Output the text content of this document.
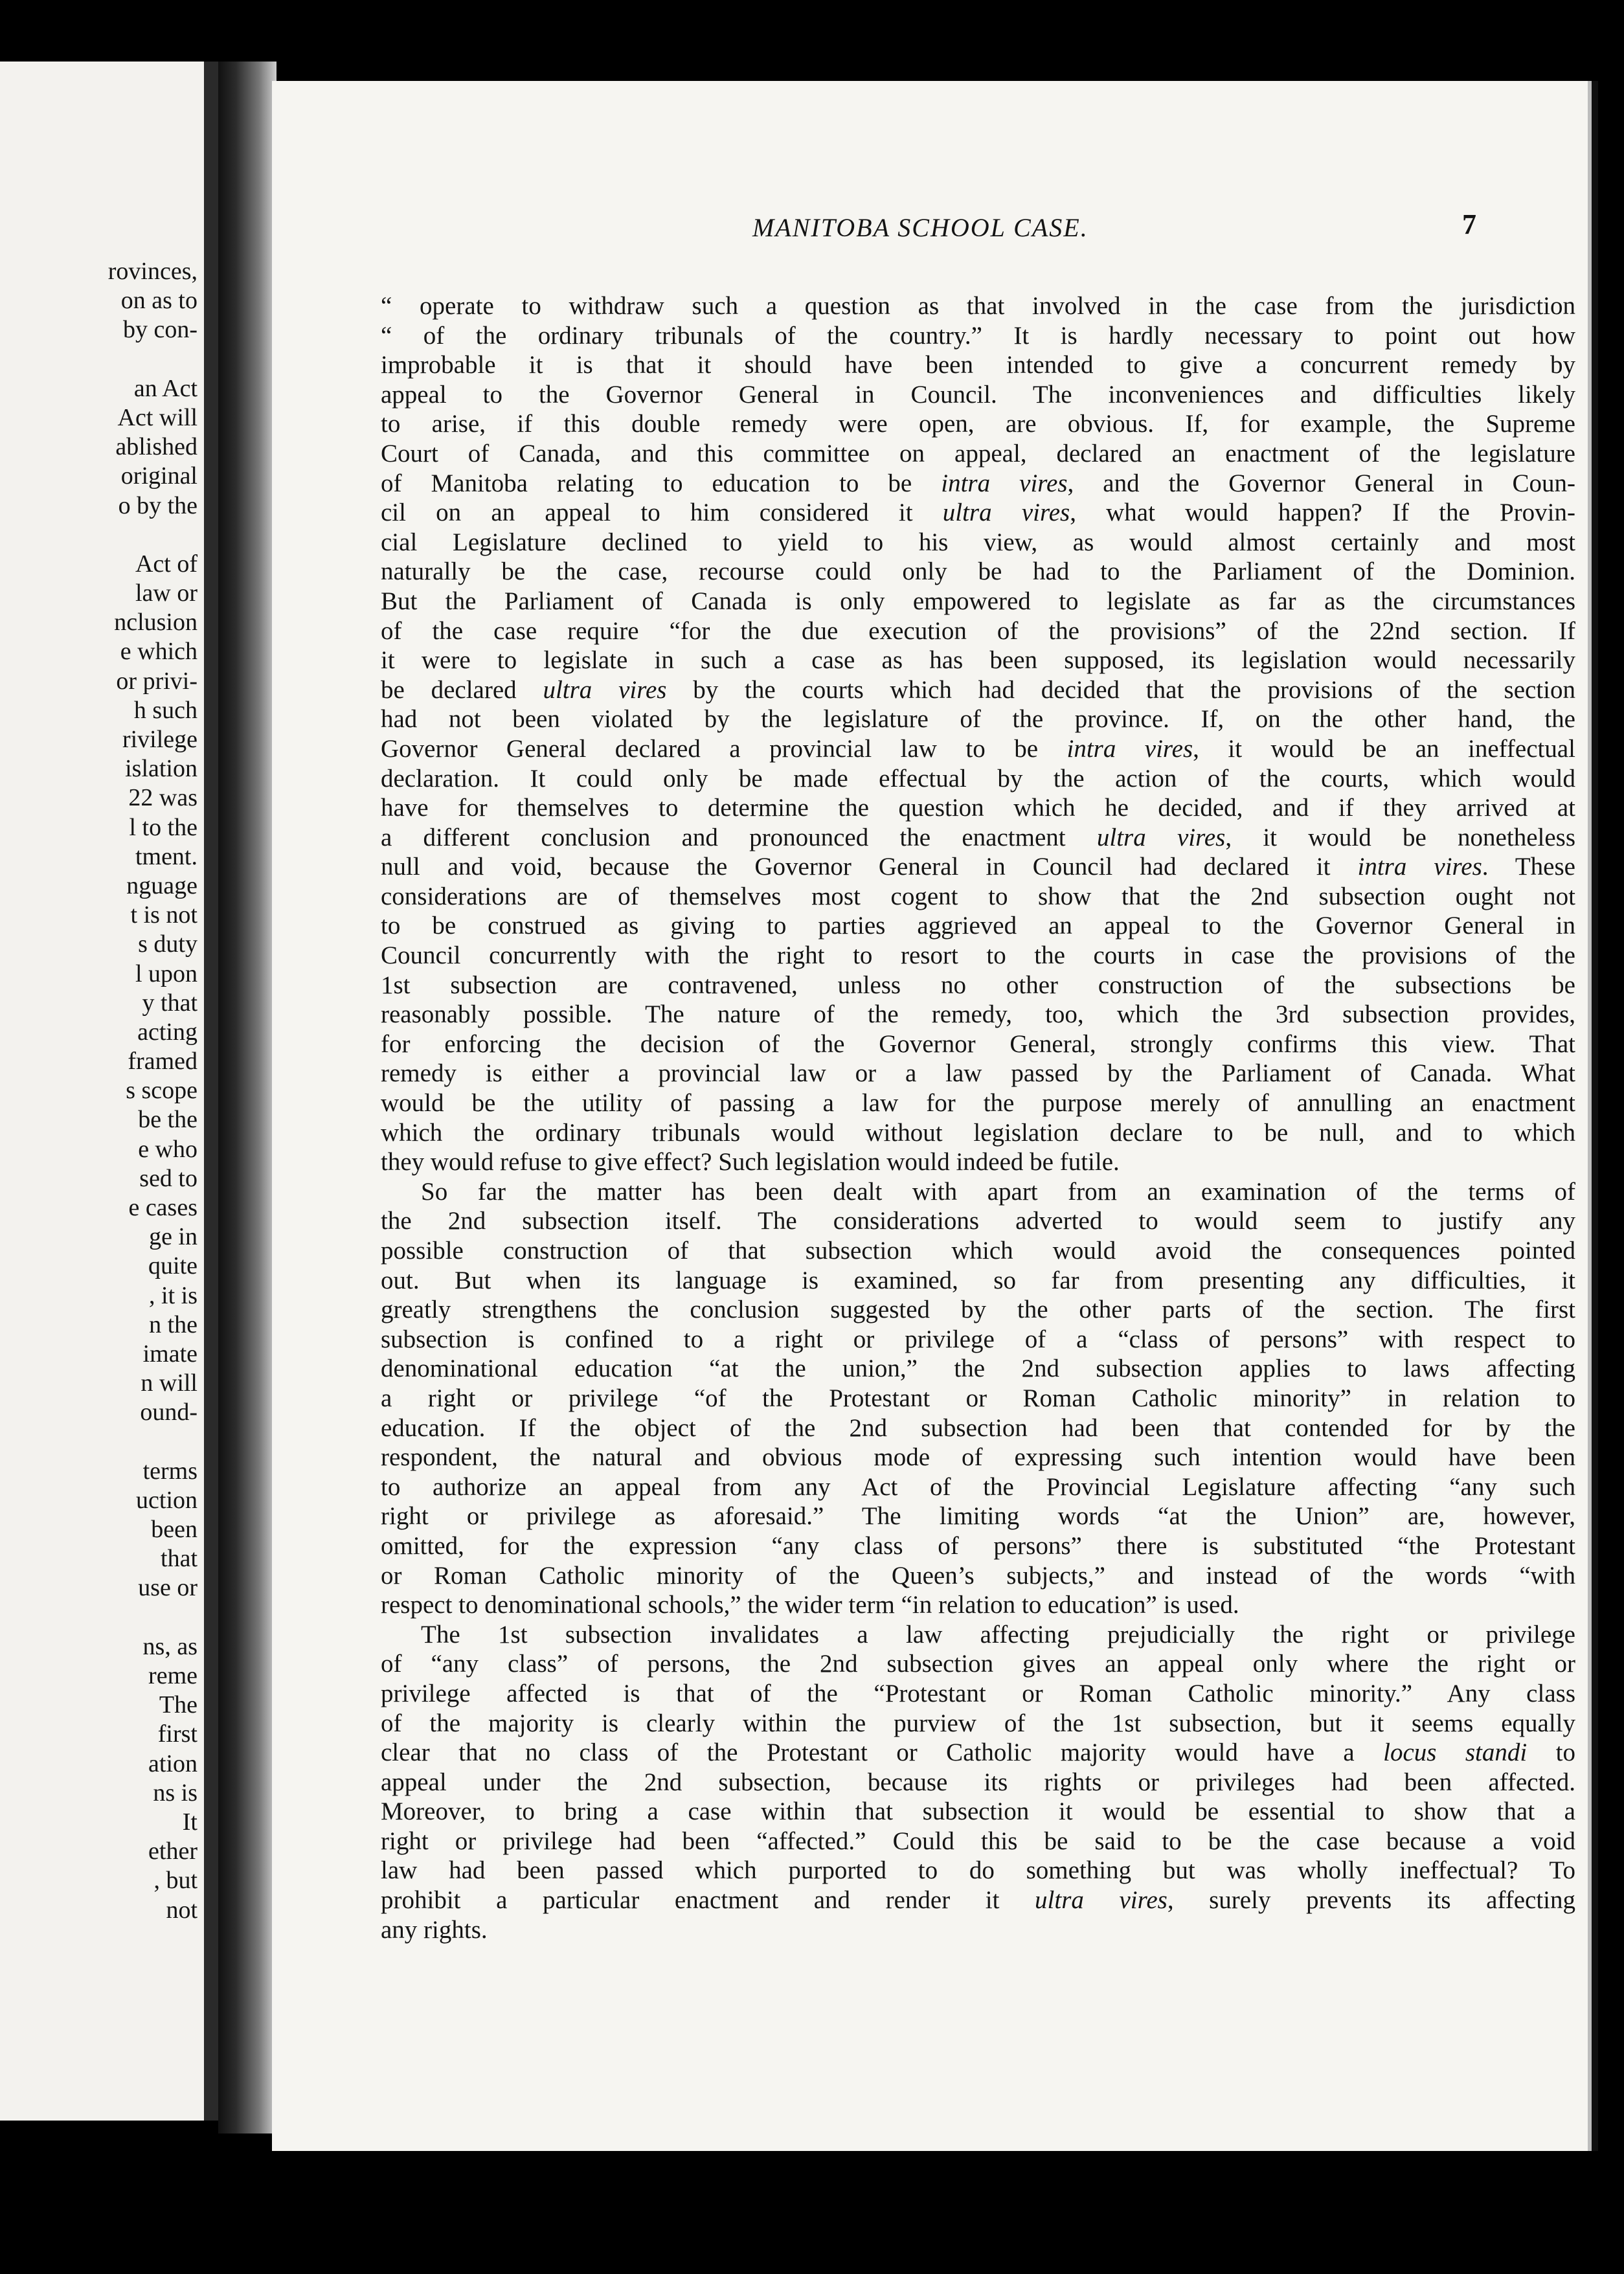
rovinces,
on as to
by con-
an Act
Act will
ablished
original
o by the
Act of
law or
nclusion
e which
or privi-
h such
rivilege
islation
22 was
l to the
tment.
nguage
t is not
s duty
l upon
y that
acting
framed
s scope
be the
e who
sed to
e cases
ge in
quite
, it is
n the
imate
n will
ound-
terms
uction
been
that
use or
ns, as
reme
The
first
ation
ns is
It
ether
, but
not
MANITOBA SCHOOL CASE.	7
“ operate to withdraw such a question as that involved in the case from the jurisdiction
“ of the ordinary tribunals of the country.” It is hardly necessary to point out how
improbable it is that it should have been intended to give a concurrent remedy by
appeal to the Governor General in Council. The inconveniences and difficulties likely
to arise, if this double remedy were open, are obvious. If, for example, the Supreme
Court of Canada, and this committee on appeal, declared an enactment of the legislature
of Manitoba relating to education to be intra vires, and the Governor General in Coun-
cil on an appeal to him considered it ultra vires, what would happen? If the Provin-
cial Legislature declined to yield to his view, as would almost certainly and most
naturally be the case, recourse could only be had to the Parliament of the Dominion.
But the Parliament of Canada is only empowered to legislate as far as the circumstances
of the case require “for the due execution of the provisions” of the 22nd section. If
it were to legislate in such a case as has been supposed, its legislation would necessarily
be declared ultra vires by the courts which had decided that the provisions of the section
had not been violated by the legislature of the province. If, on the other hand, the
Governor General declared a provincial law to be intra vires, it would be an ineffectual
declaration. It could only be made effectual by the action of the courts, which would
have for themselves to determine the question which he decided, and if they arrived at
a different conclusion and pronounced the enactment ultra vires, it would be nonetheless
null and void, because the Governor General in Council had declared it intra vires. These
considerations are of themselves most cogent to show that the 2nd subsection ought not
to be construed as giving to parties aggrieved an appeal to the Governor General in
Council concurrently with the right to resort to the courts in case the provisions of the
1st subsection are contravened, unless no other construction of the subsections be
reasonably possible. The nature of the remedy, too, which the 3rd subsection provides,
for enforcing the decision of the Governor General, strongly confirms this view. That
remedy is either a provincial law or a law passed by the Parliament of Canada. What
would be the utility of passing a law for the purpose merely of annulling an enactment
which the ordinary tribunals would without legislation declare to be null, and to which
they would refuse to give effect? Such legislation would indeed be futile.
So far the matter has been dealt with apart from an examination of the terms of
the 2nd subsection itself. The considerations adverted to would seem to justify any
possible construction of that subsection which would avoid the consequences pointed
out. But when its language is examined, so far from presenting any difficulties, it
greatly strengthens the conclusion suggested by the other parts of the section. The first
subsection is confined to a right or privilege of a “class of persons” with respect to
denominational education “at the union,” the 2nd subsection applies to laws affecting
a right or privilege “of the Protestant or Roman Catholic minority” in relation to
education. If the object of the 2nd subsection had been that contended for by the
respondent, the natural and obvious mode of expressing such intention would have been
to authorize an appeal from any Act of the Provincial Legislature affecting “any such
right or privilege as aforesaid.” The limiting words “at the Union” are, however,
omitted, for the expression “any class of persons” there is substituted “the Protestant
or Roman Catholic minority of the Queen’s subjects,” and instead of the words “with
respect to denominational schools,” the wider term “in relation to education” is used.
The 1st subsection invalidates a law affecting prejudicially the right or privilege
of “any class” of persons, the 2nd subsection gives an appeal only where the right or
privilege affected is that of the “Protestant or Roman Catholic minority.” Any class
of the majority is clearly within the purview of the 1st subsection, but it seems equally
clear that no class of the Protestant or Catholic majority would have a locus standi to
appeal under the 2nd subsection, because its rights or privileges had been affected.
Moreover, to bring a case within that subsection it would be essential to show that a
right or privilege had been “affected.” Could this be said to be the case because a void
law had been passed which purported to do something but was wholly ineffectual? To
prohibit a particular enactment and render it ultra vires, surely prevents its affecting
any rights.
